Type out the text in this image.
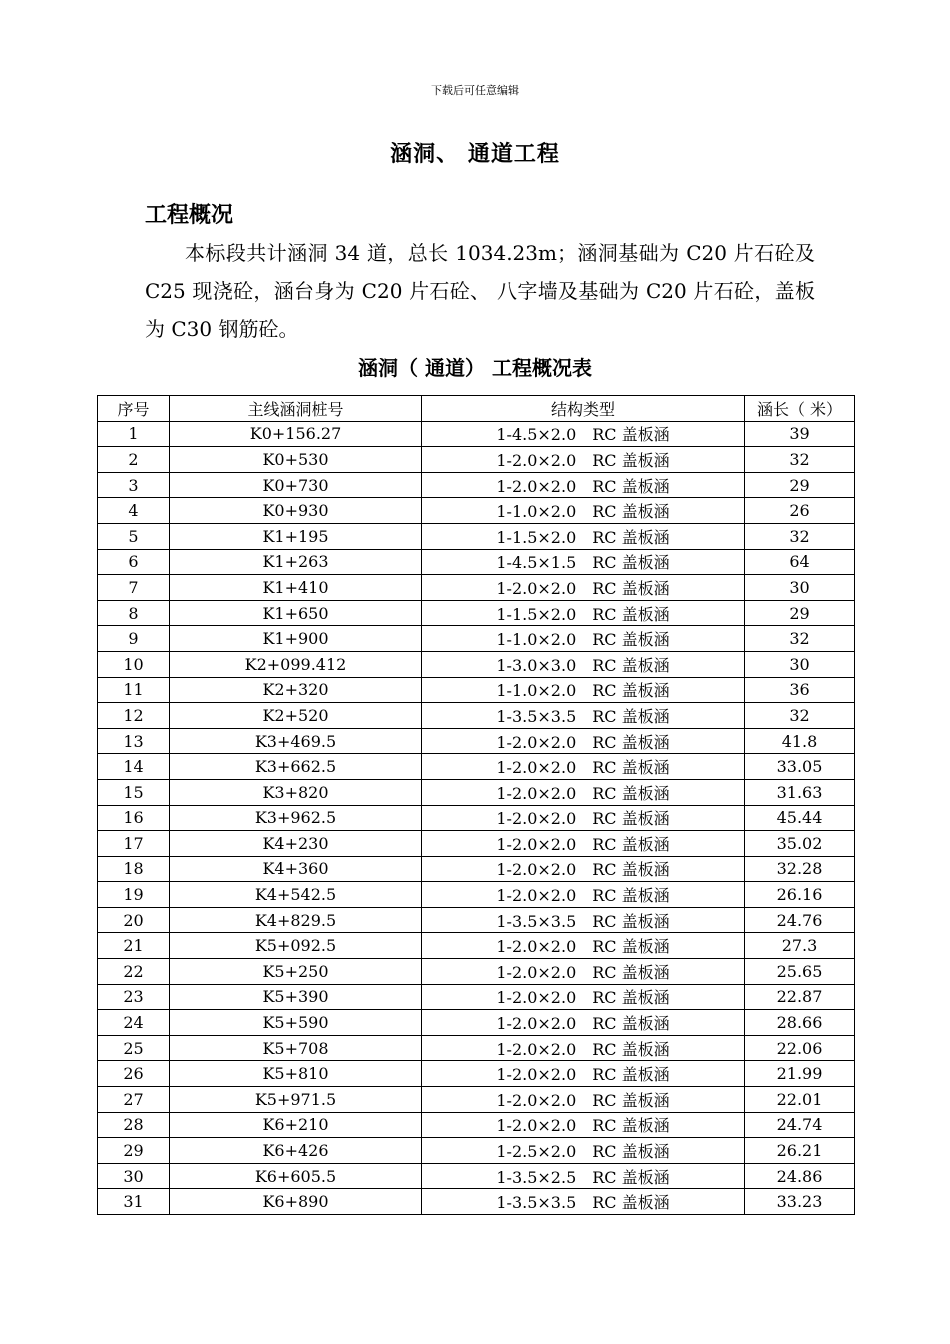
下载后可任意编辑
涵洞、 通道工程
工程概况

本标段共计涵洞 34 道，总长 1034.23m；涵洞基础为 C20 片石砼及 C25 现浇砼，涵台身为 C20 片石砼、 八字墙及基础为 C20 片石砼，盖板为 C30 钢筋砼。

涵洞（ 通道） 工程概况表
序号	主线涵洞桩号	结构类型	涵长（ 米）
1	K0+156.27	1-4.5×2.0　RC 盖板涵	39
2	K0+530	1-2.0×2.0　RC 盖板涵	32
3	K0+730	1-2.0×2.0　RC 盖板涵	29
4	K0+930	1-1.0×2.0　RC 盖板涵	26
5	K1+195	1-1.5×2.0　RC 盖板涵	32
6	K1+263	1-4.5×1.5　RC 盖板涵	64
7	K1+410	1-2.0×2.0　RC 盖板涵	30
8	K1+650	1-1.5×2.0　RC 盖板涵	29
9	K1+900	1-1.0×2.0　RC 盖板涵	32
10	K2+099.412	1-3.0×3.0　RC 盖板涵	30
11	K2+320	1-1.0×2.0　RC 盖板涵	36
12	K2+520	1-3.5×3.5　RC 盖板涵	32
13	K3+469.5	1-2.0×2.0　RC 盖板涵	41.8
14	K3+662.5	1-2.0×2.0　RC 盖板涵	33.05
15	K3+820	1-2.0×2.0　RC 盖板涵	31.63
16	K3+962.5	1-2.0×2.0　RC 盖板涵	45.44
17	K4+230	1-2.0×2.0　RC 盖板涵	35.02
18	K4+360	1-2.0×2.0　RC 盖板涵	32.28
19	K4+542.5	1-2.0×2.0　RC 盖板涵	26.16
20	K4+829.5	1-3.5×3.5　RC 盖板涵	24.76
21	K5+092.5	1-2.0×2.0　RC 盖板涵	27.3
22	K5+250	1-2.0×2.0　RC 盖板涵	25.65
23	K5+390	1-2.0×2.0　RC 盖板涵	22.87
24	K5+590	1-2.0×2.0　RC 盖板涵	28.66
25	K5+708	1-2.0×2.0　RC 盖板涵	22.06
26	K5+810	1-2.0×2.0　RC 盖板涵	21.99
27	K5+971.5	1-2.0×2.0　RC 盖板涵	22.01
28	K6+210	1-2.0×2.0　RC 盖板涵	24.74
29	K6+426	1-2.5×2.0　RC 盖板涵	26.21
30	K6+605.5	1-3.5×2.5　RC 盖板涵	24.86
31	K6+890	1-3.5×3.5　RC 盖板涵	33.23
